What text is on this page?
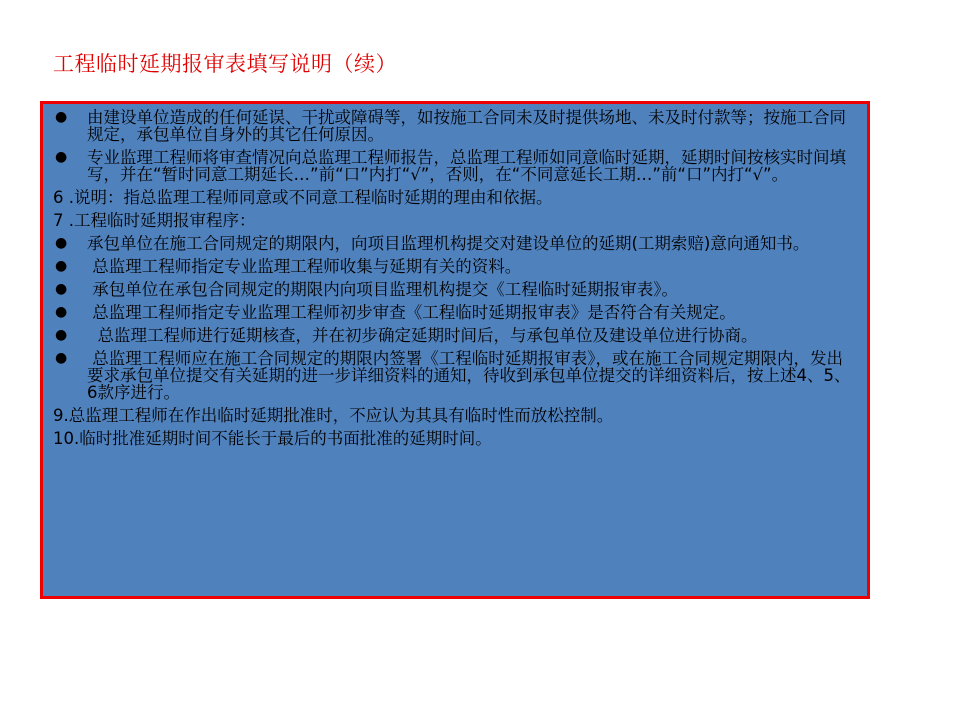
工程临时延期报审表填写说明（续）
●	由建设单位造成的任何延误、干扰或障碍等，如按施工合同未及时提供场地、未及时付款等；按施工合同规定，承包单位自身外的其它任何原因。
●	专业监理工程师将审查情况向总监理工程师报告，总监理工程师如同意临时延期，延期时间按核实时间填写，并在“暂时同意工期延长…”前“口”内打“√”，否则，在“不同意延长工期…”前“口”内打“√”。
6 .说明：指总监理工程师同意或不同意工程临时延期的理由和依据。
7 .工程临时延期报审程序：
●	承包单位在施工合同规定的期限内，向项目监理机构提交对建设单位的延期(工期索赔)意向通知书。
●	总监理工程师指定专业监理工程师收集与延期有关的资料。
●	承包单位在承包合同规定的期限内向项目监理机构提交《工程临时延期报审表》。
●	总监理工程师指定专业监理工程师初步审查《工程临时延期报审表》是否符合有关规定。
●	总监理工程师进行延期核查，并在初步确定延期时间后，与承包单位及建设单位进行协商。
●	总监理工程师应在施工合同规定的期限内签署《工程临时延期报审表》，或在施工合同规定期限内，发出要求承包单位提交有关延期的进一步详细资料的通知，待收到承包单位提交的详细资料后，按上述4、5、6款序进行。
9.总监理工程师在作出临时延期批准时，不应认为其具有临时性而放松控制。
10.临时批准延期时间不能长于最后的书面批准的延期时间。
